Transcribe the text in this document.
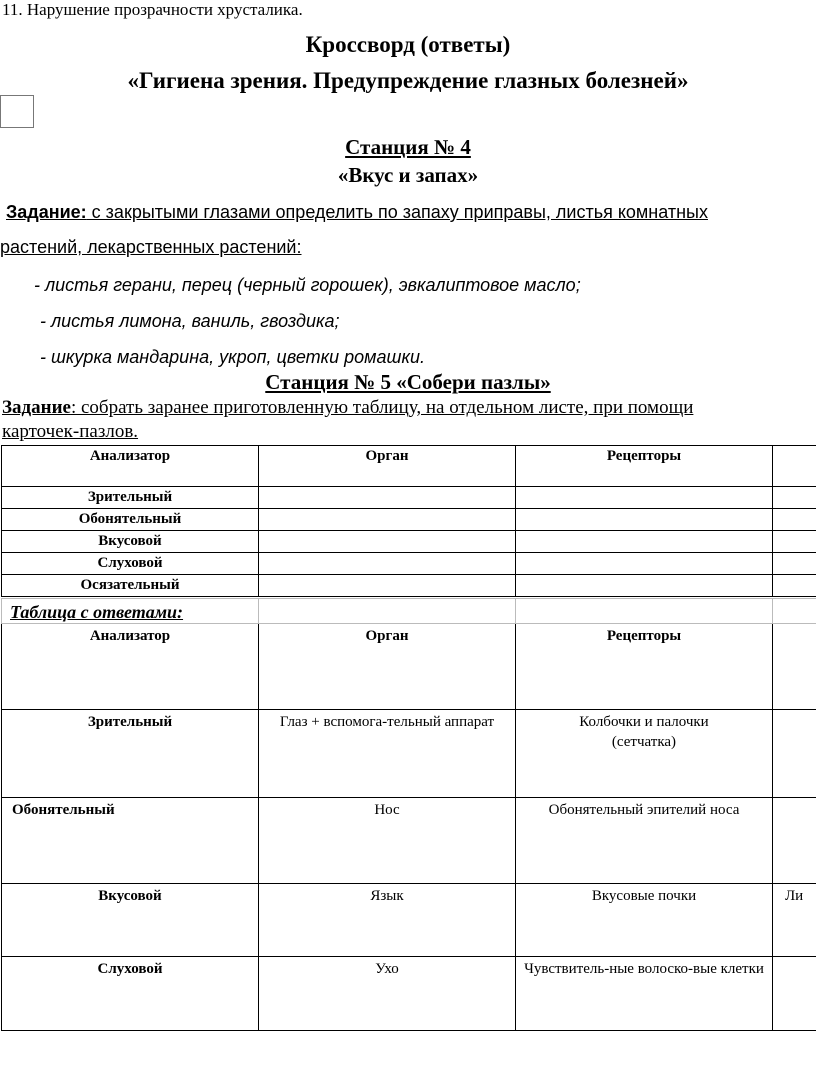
11. Нарушение прозрачности хрусталика.
Кроссворд (ответы)
«Гигиена зрения. Предупреждение глазных болезней»
Станция № 4
«Вкус и запах»
Задание: с закрытыми глазами определить по запаху приправы, листья комнатных
растений, лекарственных растений:
- листья герани, перец (черный горошек), эвкалиптовое масло;
- листья лимона, ваниль, гвоздика;
- шкурка мандарина, укроп, цветки ромашки.
Станция № 5 «Собери пазлы»
Задание: собрать заранее приготовленную таблицу, на отдельном листе, при помощи
карточек-пазлов.
Анализатор	Орган	Рецепторы	
Зрительный			
Обонятельный			
Вкусовой			
Слуховой			
Осязательный			
Таблица с ответами:			
Анализатор	Орган	Рецепторы	
Зрительный	Глаз + вспомога-тельный аппарат	Колбочки и палочки (сетчатка)	
Обонятельный	Нос	Обонятельный эпителий носа	
Вкусовой	Язык	Вкусовые почки	Ли
Слуховой	Ухо	Чувствитель-ные волоско-вые клетки	
